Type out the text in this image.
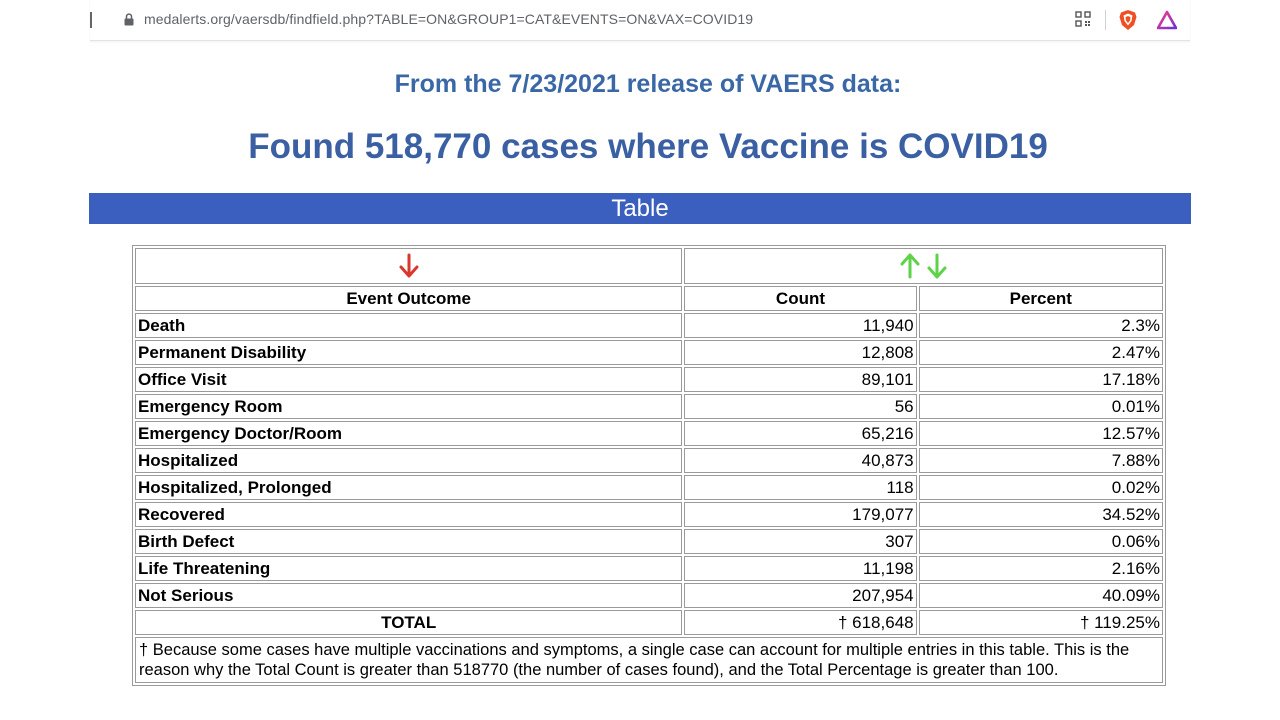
medalerts.org/vaersdb/findfield.php?TABLE=ON&GROUP1=CAT&EVENTS=ON&VAX=COVID19
From the 7/23/2021 release of VAERS data:
Found 518,770 cases where Vaccine is COVID19
Table

Event Outcome	Count	Percent
Death	11,940	2.3%
Permanent Disability	12,808	2.47%
Office Visit	89,101	17.18%
Emergency Room	56	0.01%
Emergency Doctor/Room	65,216	12.57%
Hospitalized	40,873	7.88%
Hospitalized, Prolonged	118	0.02%
Recovered	179,077	34.52%
Birth Defect	307	0.06%
Life Threatening	11,198	2.16%
Not Serious	207,954	40.09%
TOTAL	† 618,648	† 119.25%
† Because some cases have multiple vaccinations and symptoms, a single case can account for multiple entries in this table. This is the reason why the Total Count is greater than 518770 (the number of cases found), and the Total Percentage is greater than 100.		
